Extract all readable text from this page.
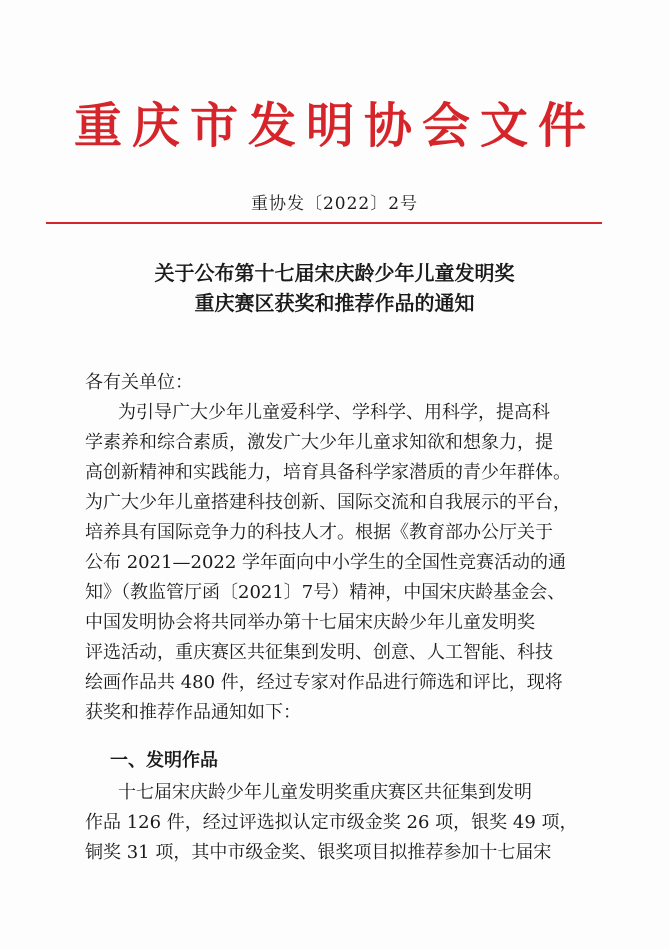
重庆市发明协会文件
重协发〔2022〕2号
关于公布第十七届宋庆龄少年儿童发明奖
重庆赛区获奖和推荐作品的通知
各有关单位：
为引导广大少年儿童爱科学、学科学、用科学，提高科
学素养和综合素质，激发广大少年儿童求知欲和想象力，提
高创新精神和实践能力，培育具备科学家潜质的青少年群体。
为广大少年儿童搭建科技创新、国际交流和自我展示的平台，
培养具有国际竞争力的科技人才。根据《教育部办公厅关于
公布 2021—2022 学年面向中小学生的全国性竞赛活动的通
知》（教监管厅函〔2021〕7号）精神，中国宋庆龄基金会、
中国发明协会将共同举办第十七届宋庆龄少年儿童发明奖
评选活动，重庆赛区共征集到发明、创意、人工智能、科技
绘画作品共 480 件，经过专家对作品进行筛选和评比，现将
获奖和推荐作品通知如下：
一、发明作品
十七届宋庆龄少年儿童发明奖重庆赛区共征集到发明
作品 126 件，经过评选拟认定市级金奖 26 项，银奖 49 项，
铜奖 31 项，其中市级金奖、银奖项目拟推荐参加十七届宋
